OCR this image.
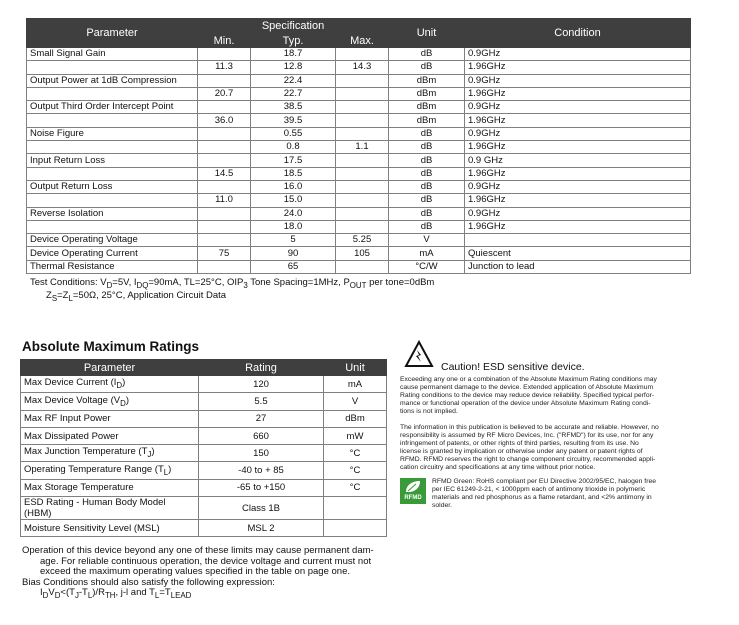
Parameter	Specification			Unit	Condition
	Min.	Typ.	Max.		
Small Signal Gain		18.7		dB	0.9GHz
	11.3	12.8	14.3	dB	1.96GHz
Output Power at 1dB Compression		22.4		dBm	0.9GHz
	20.7	22.7		dBm	1.96GHz
Output Third Order Intercept Point		38.5		dBm	0.9GHz
	36.0	39.5		dBm	1.96GHz
Noise Figure		0.55		dB	0.9GHz
		0.8	1.1	dB	1.96GHz
Input Return Loss		17.5		dB	0.9 GHz
	14.5	18.5		dB	1.96GHz
Output Return Loss		16.0		dB	0.9GHz
	11.0	15.0		dB	1.96GHz
Reverse Isolation		24.0		dB	0.9GHz
		18.0		dB	1.96GHz
Device Operating Voltage		5	5.25	V	
Device Operating Current	75	90	105	mA	Quiescent
Thermal Resistance		65		°C/W	Junction to lead
Test Conditions: $V_D=5V$, $I_{DQ}=90mA$, TL=25°C, $OIP_3$ Tone Spacing=1MHz, $P_{OUT}$ per tone=0dBm
$Z_S=Z_L=50\Omega$, 25°C, Application Circuit Data
Absolute Maximum Ratings
Parameter	Rating	Unit
Max Device Current $(I_D)$	120	mA
Max Device Voltage $(V_D)$	5.5	V
Max RF Input Power	27	dBm
Max Dissipated Power	660	mW
Max Junction Temperature $(T_J)$	150	°C
Operating Temperature Range $(T_L)$	-40 to + 85	°C
Max Storage Temperature	-65 to +150	°C
ESD Rating - Human Body Model (HBM)	Class 1B	
Moisture Sensitivity Level (MSL)	MSL 2	
Operation of this device beyond any one of these limits may cause permanent dam-
age. For reliable continuous operation, the device voltage and current must not
exceed the maximum operating values specified in the table on page one.
Bias Conditions should also satisfy the following expression:
$I_DV_D<(T_J-T_L)/R_{TH}$, j-l and $T_L=T_{LEAD}$
Caution! ESD sensitive device.
Exceeding any one or a combination of the Absolute Maximum Rating conditions may
cause permanent damage to the device. Extended application of Absolute Maximum
Rating conditions to the device may reduce device reliability. Specified typical perfor-
mance or functional operation of the device under Absolute Maximum Rating condi-
tions is not implied.
The information in this publication is believed to be accurate and reliable. However, no
responsibility is assumed by RF Micro Devices, Inc. ("RFMD") for its use, nor for any
infringement of patents, or other rights of third parties, resulting from its use. No
license is granted by implication or otherwise under any patent or patent rights of
RFMD. RFMD reserves the right to change component circuitry, recommended appli-
cation circuitry and specifications at any time without prior notice.
RFMD
RFMD Green: RoHS compliant per EU Directive 2002/95/EC, halogen free
per IEC 61249-2-21, < 1000ppm each of antimony trioxide in polymeric
materials and red phosphorus as a flame retardant, and <2% antimony in
solder.
